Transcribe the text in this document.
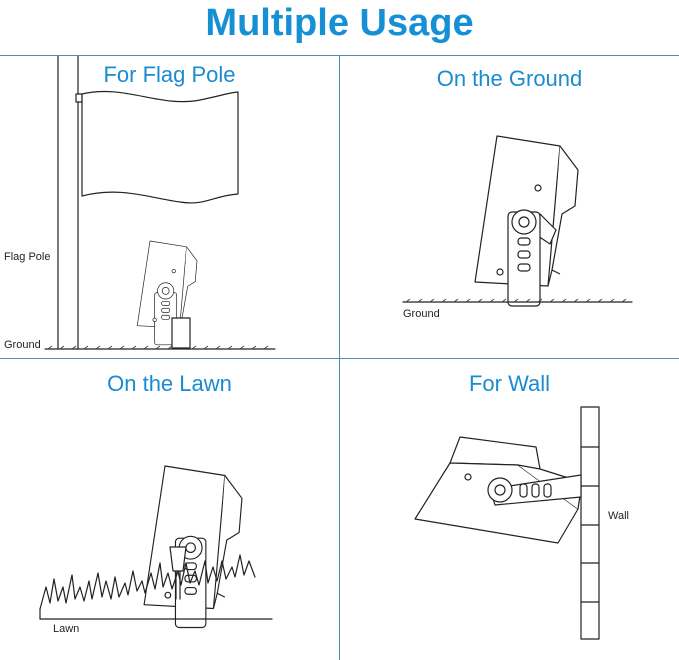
Multiple Usage
For Flag Pole
Flag Pole
Ground
On the Ground
Ground
On the Lawn
Lawn
For Wall
Wall
